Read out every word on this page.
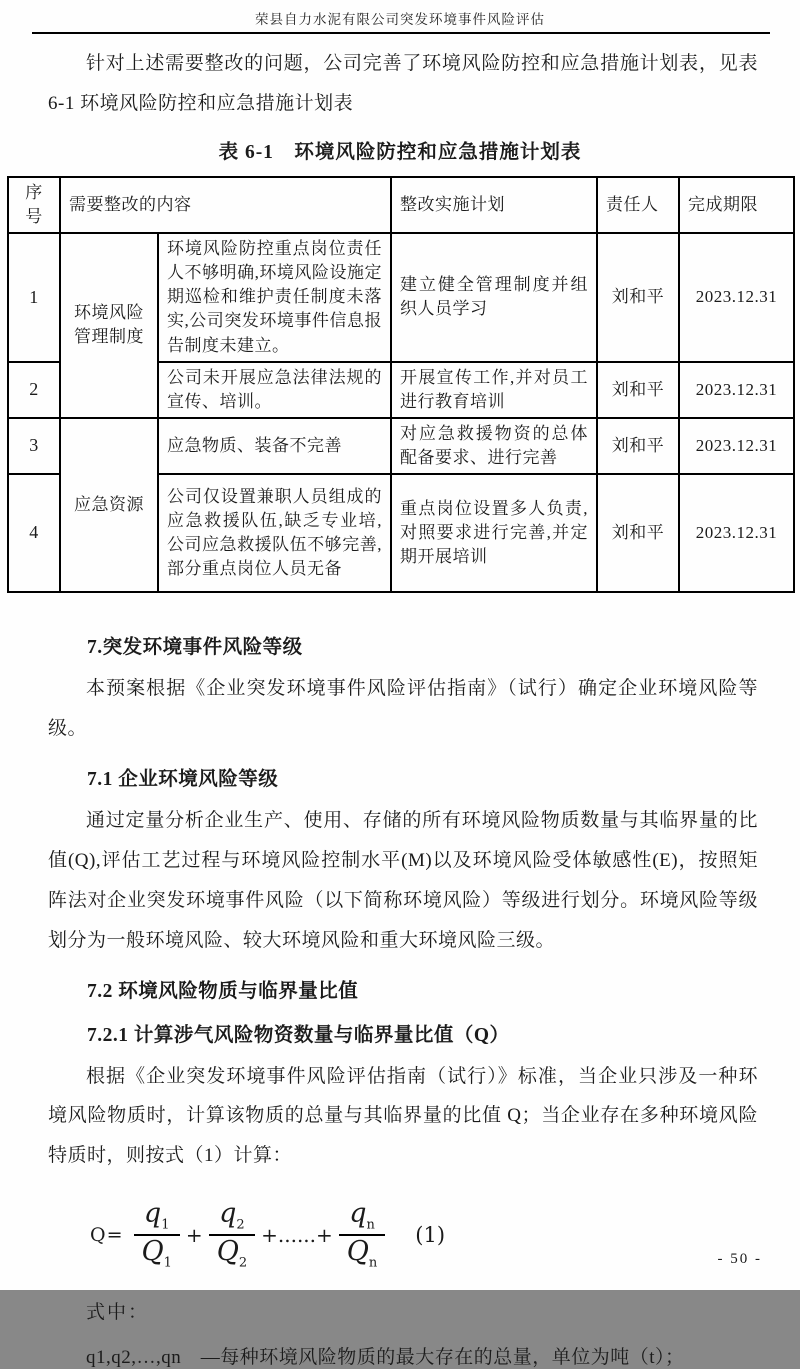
荣县自力水泥有限公司突发环境事件风险评估

针对上述需要整改的问题，公司完善了环境风险防控和应急措施计划表，见表 6-1 环境风险防控和应急措施计划表

表 6-1　环境风险防控和应急措施计划表
序号	需要整改的内容		整改实施计划	责任人	完成期限
1	环境风险管理制度	环境风险防控重点岗位责任人不够明确,环境风险设施定期巡检和维护责任制度未落实,公司突发环境事件信息报告制度未建立。	建立健全管理制度并组织人员学习	刘和平	2023.12.31
2		公司未开展应急法律法规的宣传、培训。	开展宣传工作,并对员工进行教育培训	刘和平	2023.12.31
3	应急资源	应急物质、装备不完善	对应急救援物资的总体配备要求、进行完善	刘和平	2023.12.31
4		公司仅设置兼职人员组成的应急救援队伍,缺乏专业培,公司应急救援队伍不够完善,部分重点岗位人员无备	重点岗位设置多人负责,对照要求进行完善,并定期开展培训	刘和平	2023.12.31
7.突发环境事件风险等级

本预案根据《企业突发环境事件风险评估指南》（试行）确定企业环境风险等级。

7.1 企业环境风险等级

通过定量分析企业生产、使用、存储的所有环境风险物质数量与其临界量的比值(Q),评估工艺过程与环境风险控制水平(M)以及环境风险受体敏感性(E)，按照矩阵法对企业突发环境事件风险（以下简称环境风险）等级进行划分。环境风险等级划分为一般环境风险、较大环境风险和重大环境风险三级。

7.2 环境风险物质与临界量比值
7.2.1 计算涉气风险物资数量与临界量比值（Q）

根据《企业突发环境事件风险评估指南（试行）》标准，当企业只涉及一种环境风险物质时，计算该物质的总量与其临界量的比值 Q；当企业存在多种环境风险特质时，则按式（1）计算：

$Q= \frac{q_1}{Q_1} + \frac{q_2}{Q_2}$ +......+ $\frac{q_n}{Q_n} (1)$
式中：
q1,q2,…,qn　—每种环境风险物质的最大存在的总量，单位为吨（t）；
- 50 -
